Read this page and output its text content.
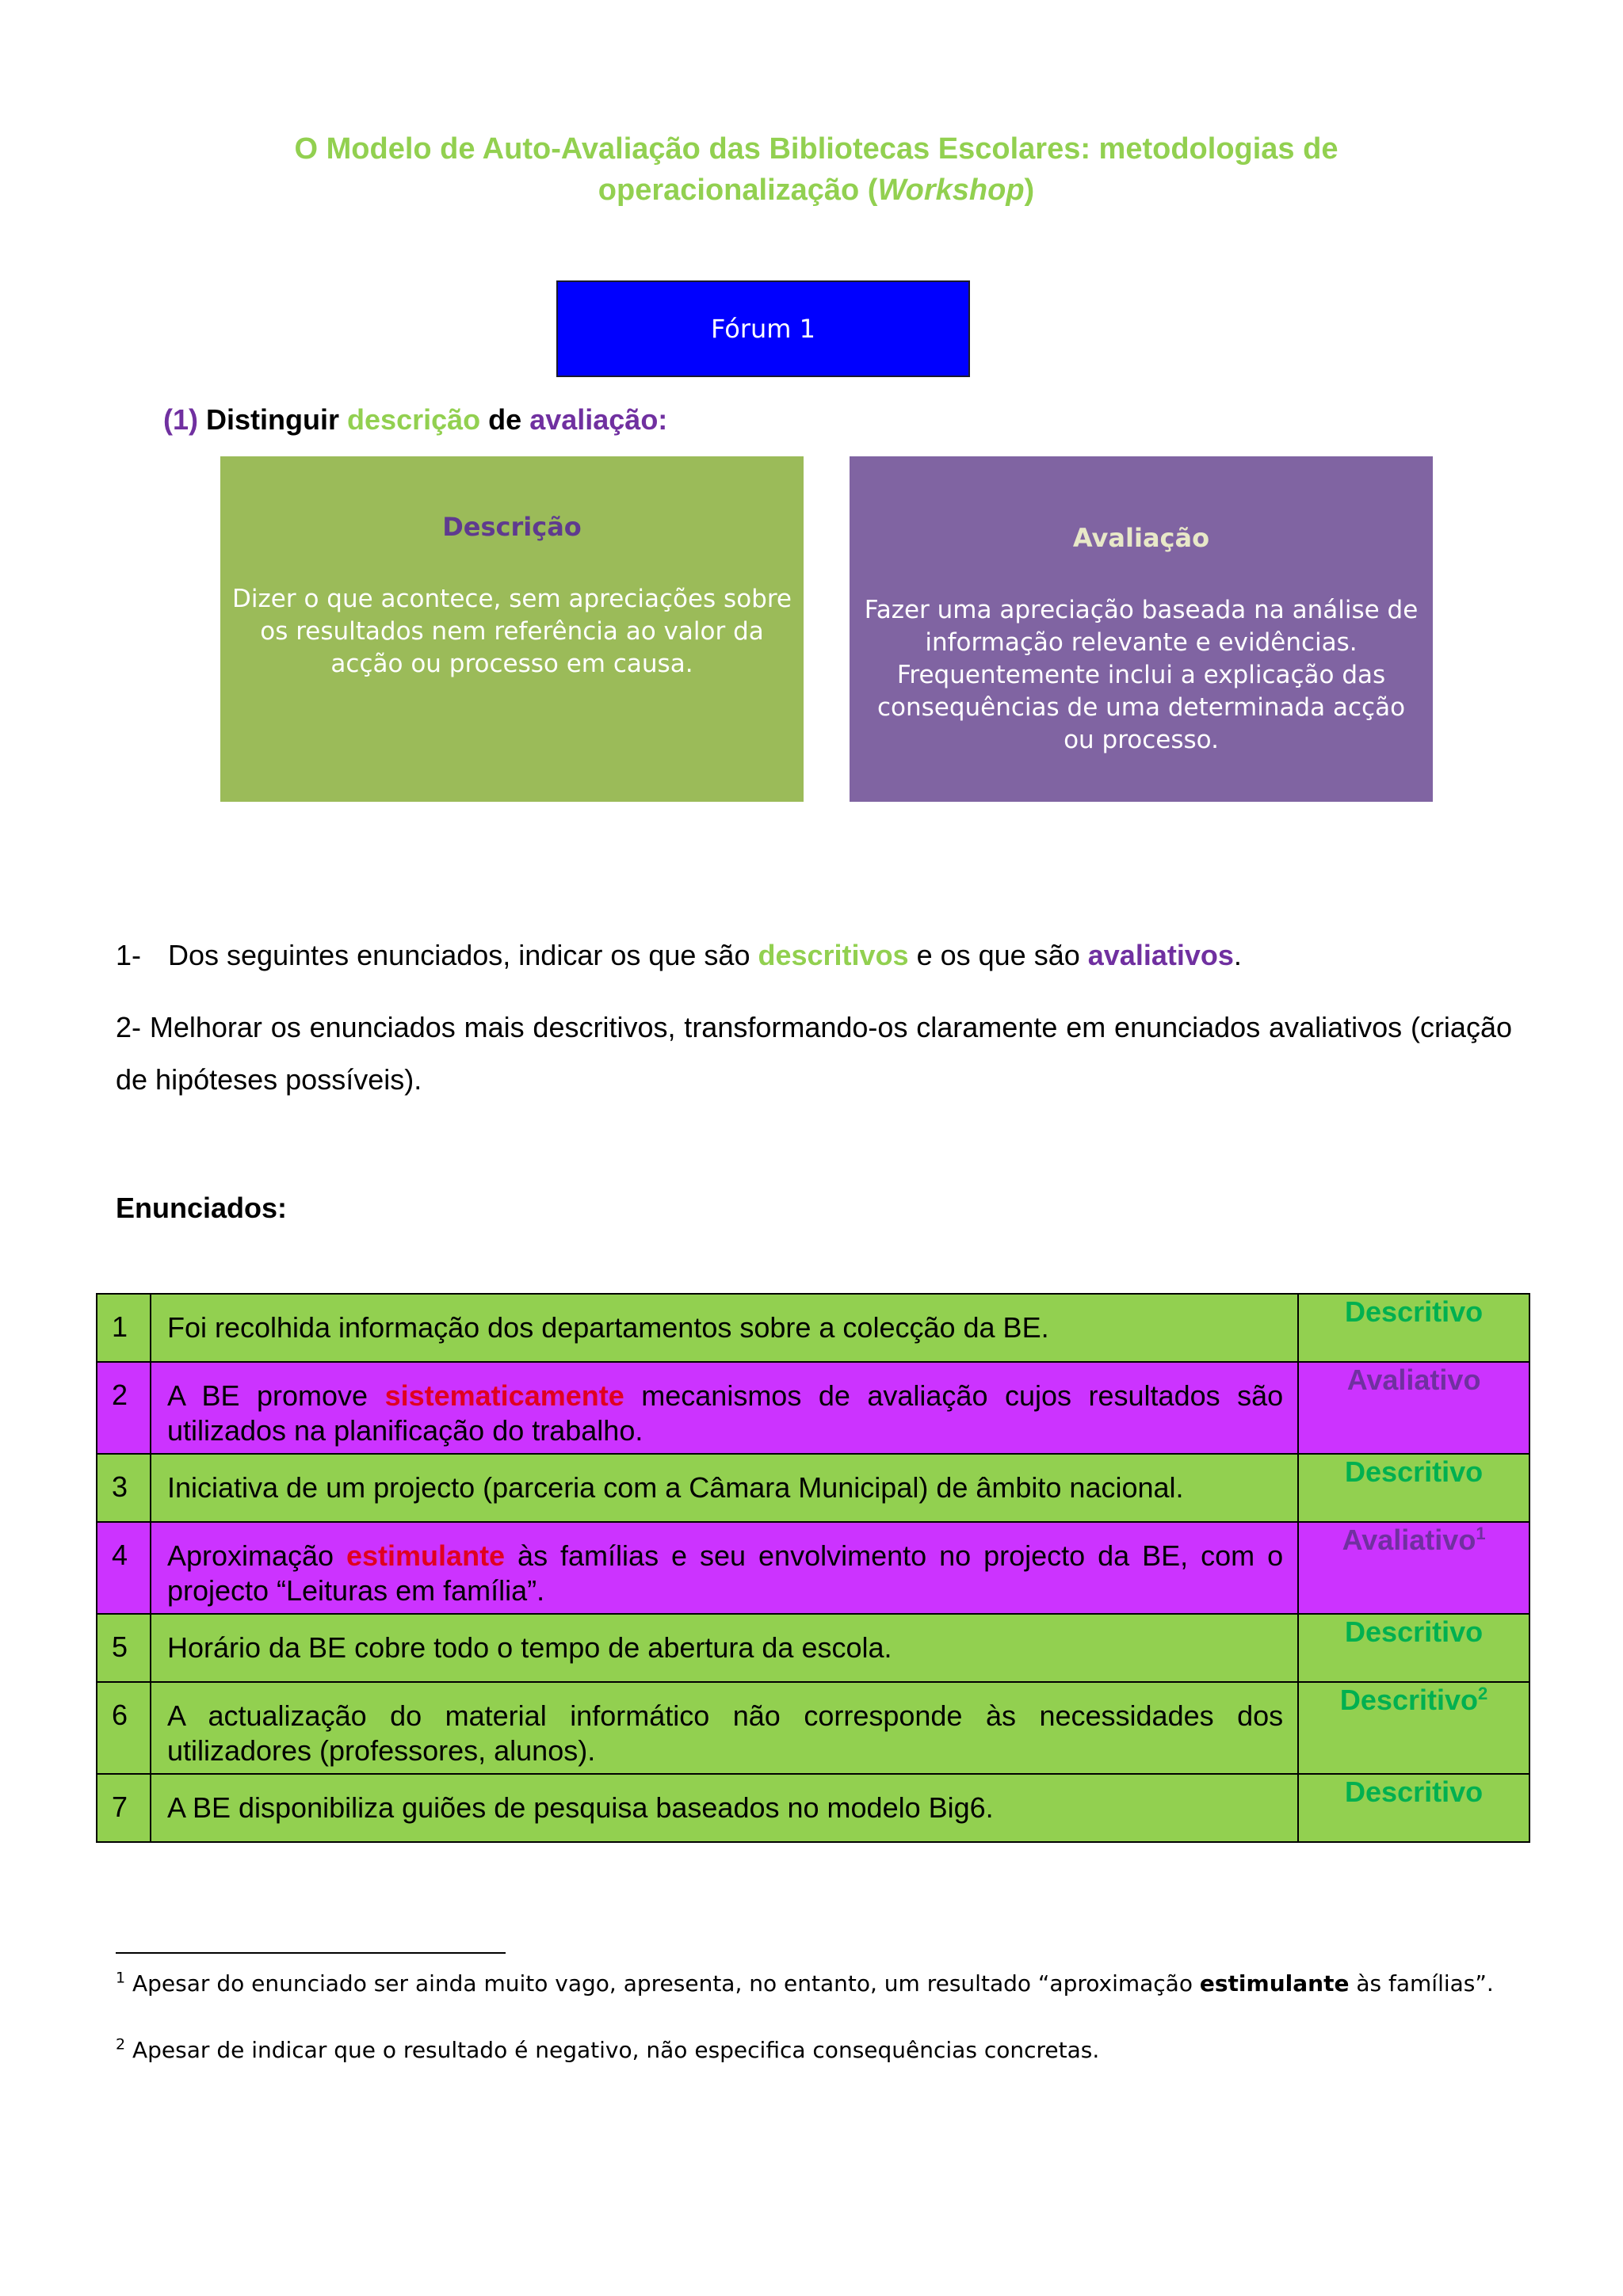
O Modelo de Auto-Avaliação das Bibliotecas Escolares: metodologias de operacionalização (Workshop)
Fórum 1
(1) Distinguir descrição de avaliação:
Descrição
Dizer o que acontece, sem apreciações sobre os resultados nem referência ao valor da acção ou processo em causa.
Avaliação
Fazer uma apreciação baseada na análise de informação relevante e evidências. Frequentemente inclui a explicação das consequências de uma determinada acção ou processo.
1- Dos seguintes enunciados, indicar os que são descritivos e os que são avaliativos.
2- Melhorar os enunciados mais descritivos, transformando-os claramente em enunciados avaliativos (criação de hipóteses possíveis).
Enunciados:
1	Foi recolhida informação dos departamentos sobre a colecção da BE.	Descritivo
2	A BE promove sistematicamente mecanismos de avaliação cujos resultados são utilizados na planificação do trabalho.	Avaliativo
3	Iniciativa de um projecto (parceria com a Câmara Municipal) de âmbito nacional.	Descritivo
4	Aproximação estimulante às famílias e seu envolvimento no projecto da BE, com o projecto “Leituras em família”.	Avaliativo$^1$
5	Horário da BE cobre todo o tempo de abertura da escola.	Descritivo
6	A actualização do material informático não corresponde às necessidades dos utilizadores (professores, alunos).	Descritivo$^2$
7	A BE disponibiliza guiões de pesquisa baseados no modelo Big6.	Descritivo
$^1$ Apesar do enunciado ser ainda muito vago, apresenta, no entanto, um resultado “aproximação estimulante às famílias”.
$^2$ Apesar de indicar que o resultado é negativo, não especifica consequências concretas.
